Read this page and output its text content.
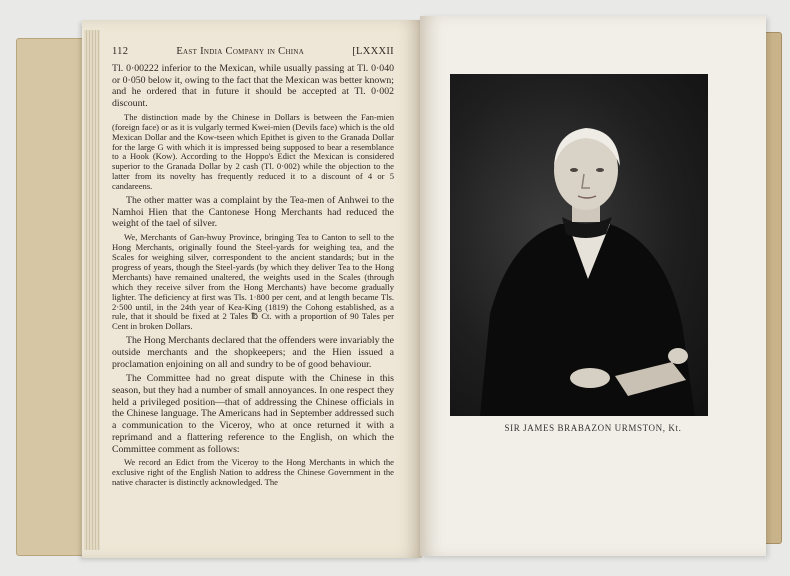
112	East India Company in China	[LXXXII

Tl. 0·00222 inferior to the Mexican, while usually passing at Tl. 0·040 or 0·050 below it, owing to the fact that the Mexican was better known; and he ordered that in future it should be accepted at Tl. 0·002 discount.

The distinction made by the Chinese in Dollars is between the Fan-mien (foreign face) or as it is vulgarly termed Kwei-mien (Devils face) which is the old Mexican Dollar and the Kow-tseen which Epithet is given to the Granada Dollar for the large G with which it is impressed being supposed to bear a resemblance to a Hook (Kow). According to the Hoppo's Edict the Mexican is considered superior to the Granada Dollar by 2 cash (Tl. 0·002) while the objection to the latter from its novelty has frequently reduced it to a discount of 4 or 5 candareens.

The other matter was a complaint by the Tea-men of Anhwei to the Namhoi Hien that the Cantonese Hong Merchants had reduced the weight of the tael of silver.

We, Merchants of Gan-hwuy Province, bringing Tea to Canton to sell to the Hong Merchants, originally found the Steel-yards for weighing tea, and the Scales for weighing silver, correspondent to the ancient standards; but in the progress of years, though the Steel-yards (by which they deliver Tea to the Hong Merchants) have remained unaltered, the weights used in the Scales (through which they receive silver from the Hong Merchants) have become gradually lighter. The deficiency at first was Tls. 1·800 per cent, and at length became Tls. 2·500 until, in the 24th year of Kea-King (1819) the Cohong established, as a rule, that it should be fixed at 2 Tales ℔ Ct. with a proportion of 90 Tales per Cent in broken Dollars.

The Hong Merchants declared that the offenders were invariably the outside merchants and the shopkeepers; and the Hien issued a proclamation enjoining on all and sundry to be of good behaviour.

The Committee had no great dispute with the Chinese in this season, but they had a number of small annoyances. In one respect they held a privileged position—that of addressing the Chinese officials in the Chinese language. The Americans had in September addressed such a communication to the Viceroy, who at once returned it with a reprimand and a flattering reference to the English, on which the Committee comment as follows:

We record an Edict from the Viceroy to the Hong Merchants in which the exclusive right of the English Nation to address the Chinese Government in the native character is distinctly acknowledged. The

SIR JAMES BRABAZON URMSTON, Kt.
